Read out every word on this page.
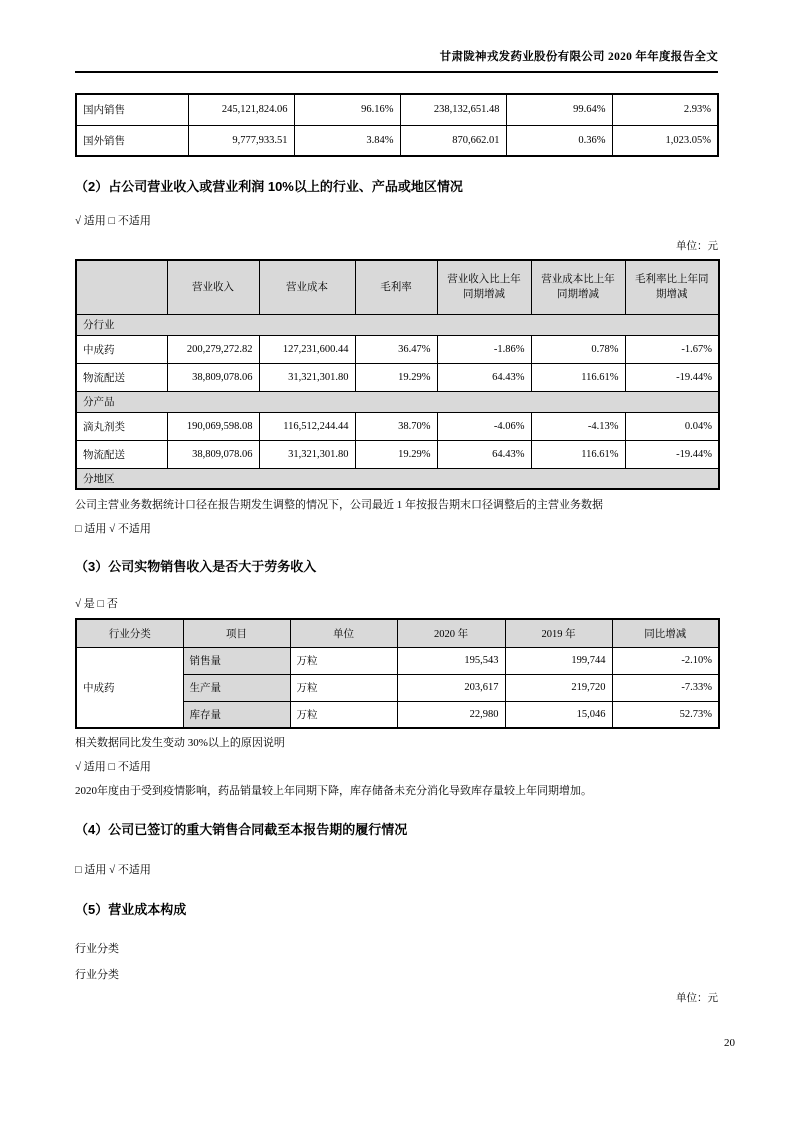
甘肃陇神戎发药业股份有限公司 2020 年年度报告全文
国内销售	245,121,824.06	96.16%	238,132,651.48	99.64%	2.93%
国外销售	9,777,933.51	3.84%	870,662.01	0.36%	1,023.05%
（2）占公司营业收入或营业利润 10%以上的行业、产品或地区情况

√ 适用 □ 不适用

单位：元

	营业收入	营业成本	毛利率	营业收入比上年同期增减	营业成本比上年同期增减	毛利率比上年同期增减
分行业						
中成药	200,279,272.82	127,231,600.44	36.47%	-1.86%	0.78%	-1.67%
物流配送	38,809,078.06	31,321,301.80	19.29%	64.43%	116.61%	-19.44%
分产品						
滴丸剂类	190,069,598.08	116,512,244.44	38.70%	-4.06%	-4.13%	0.04%
物流配送	38,809,078.06	31,321,301.80	19.29%	64.43%	116.61%	-19.44%
分地区						

公司主营业务数据统计口径在报告期发生调整的情况下，公司最近 1 年按报告期末口径调整后的主营业务数据

□ 适用 √ 不适用

（3）公司实物销售收入是否大于劳务收入

√ 是 □ 否

行业分类	项目	单位	2020 年	2019 年	同比增减
中成药	销售量	万粒	195,543	199,744	-2.10%
	生产量	万粒	203,617	219,720	-7.33%
	库存量	万粒	22,980	15,046	52.73%

相关数据同比发生变动 30%以上的原因说明

√ 适用 □ 不适用

2020年度由于受到疫情影响，药品销量较上年同期下降，库存储备未充分消化导致库存量较上年同期增加。

（4）公司已签订的重大销售合同截至本报告期的履行情况

□ 适用 √ 不适用

（5）营业成本构成

行业分类

行业分类

单位：元

20
